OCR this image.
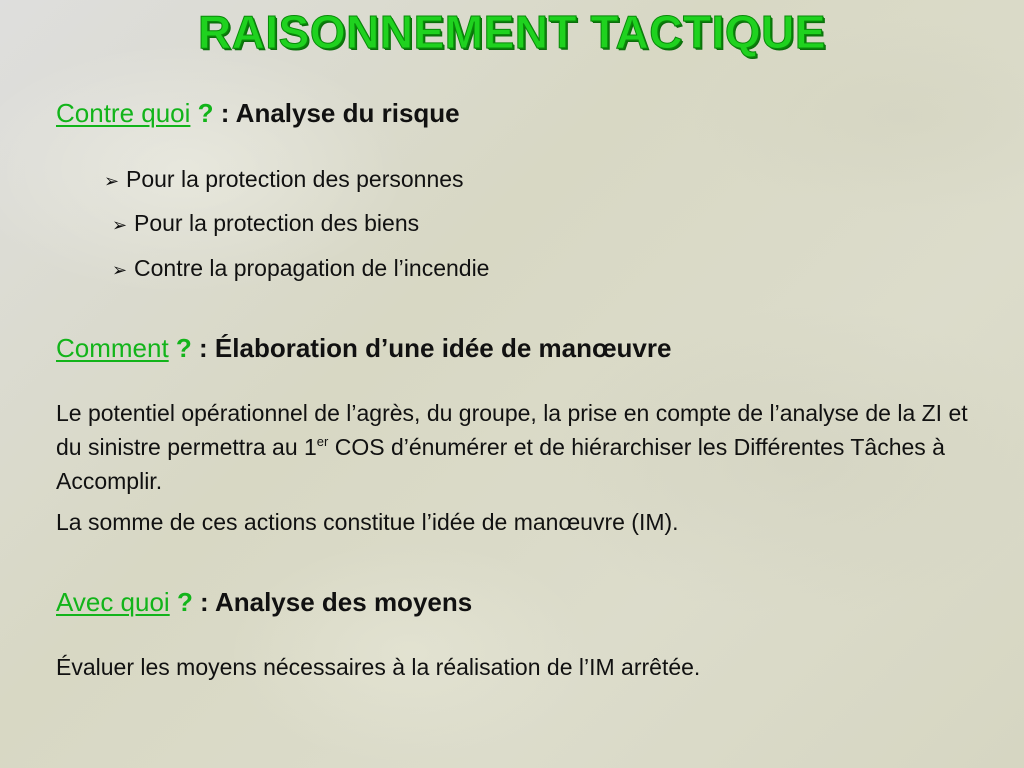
RAISONNEMENT TACTIQUE
Contre quoi ? : Analyse du risque
➢ Pour la protection des personnes
➢ Pour la protection des biens
➢ Contre la propagation de l’incendie
Comment ? : Élaboration d’une idée de manœuvre
Le potentiel opérationnel de l’agrès, du groupe, la prise en compte de l’analyse de la ZI et du sinistre permettra au 1er COS d’énumérer et de hiérarchiser les Différentes Tâches à Accomplir.
La somme de ces actions constitue l’idée de manœuvre (IM).
Avec quoi ? : Analyse des moyens
Évaluer les moyens nécessaires à la réalisation de l’IM arrêtée.
